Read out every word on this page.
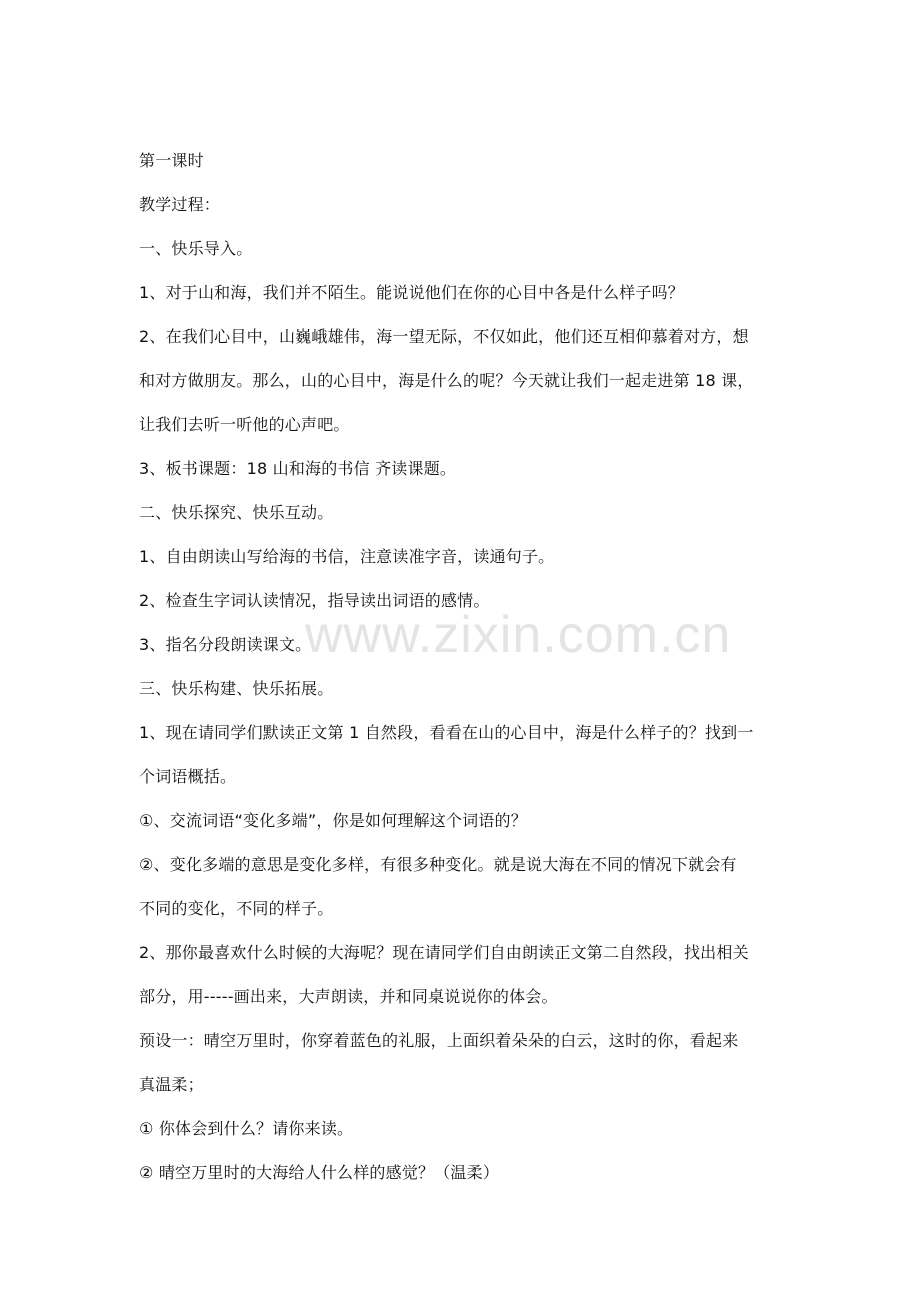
www.zixin.com.cn
第一课时
教学过程：
一、快乐导入。
1、对于山和海，我们并不陌生。能说说他们在你的心目中各是什么样子吗？
2、在我们心目中，山巍峨雄伟，海一望无际，不仅如此，他们还互相仰慕着对方，想
和对方做朋友。那么，山的心目中，海是什么的呢？今天就让我们一起走进第 18 课，
让我们去听一听他的心声吧。
3、板书课题：18 山和海的书信 齐读课题。
二、快乐探究、快乐互动。
1、自由朗读山写给海的书信，注意读准字音，读通句子。
2、检查生字词认读情况，指导读出词语的感情。
3、指名分段朗读课文。
三、快乐构建、快乐拓展。
1、现在请同学们默读正文第 1 自然段，看看在山的心目中，海是什么样子的？找到一
个词语概括。
①、交流词语“变化多端”，你是如何理解这个词语的？
②、变化多端的意思是变化多样，有很多种变化。就是说大海在不同的情况下就会有
不同的变化，不同的样子。
2、那你最喜欢什么时候的大海呢？现在请同学们自由朗读正文第二自然段，找出相关
部分，用-----画出来，大声朗读，并和同桌说说你的体会。
预设一：晴空万里时，你穿着蓝色的礼服，上面织着朵朵的白云，这时的你，看起来
真温柔；
① 你体会到什么？请你来读。
② 晴空万里时的大海给人什么样的感觉？（温柔）
